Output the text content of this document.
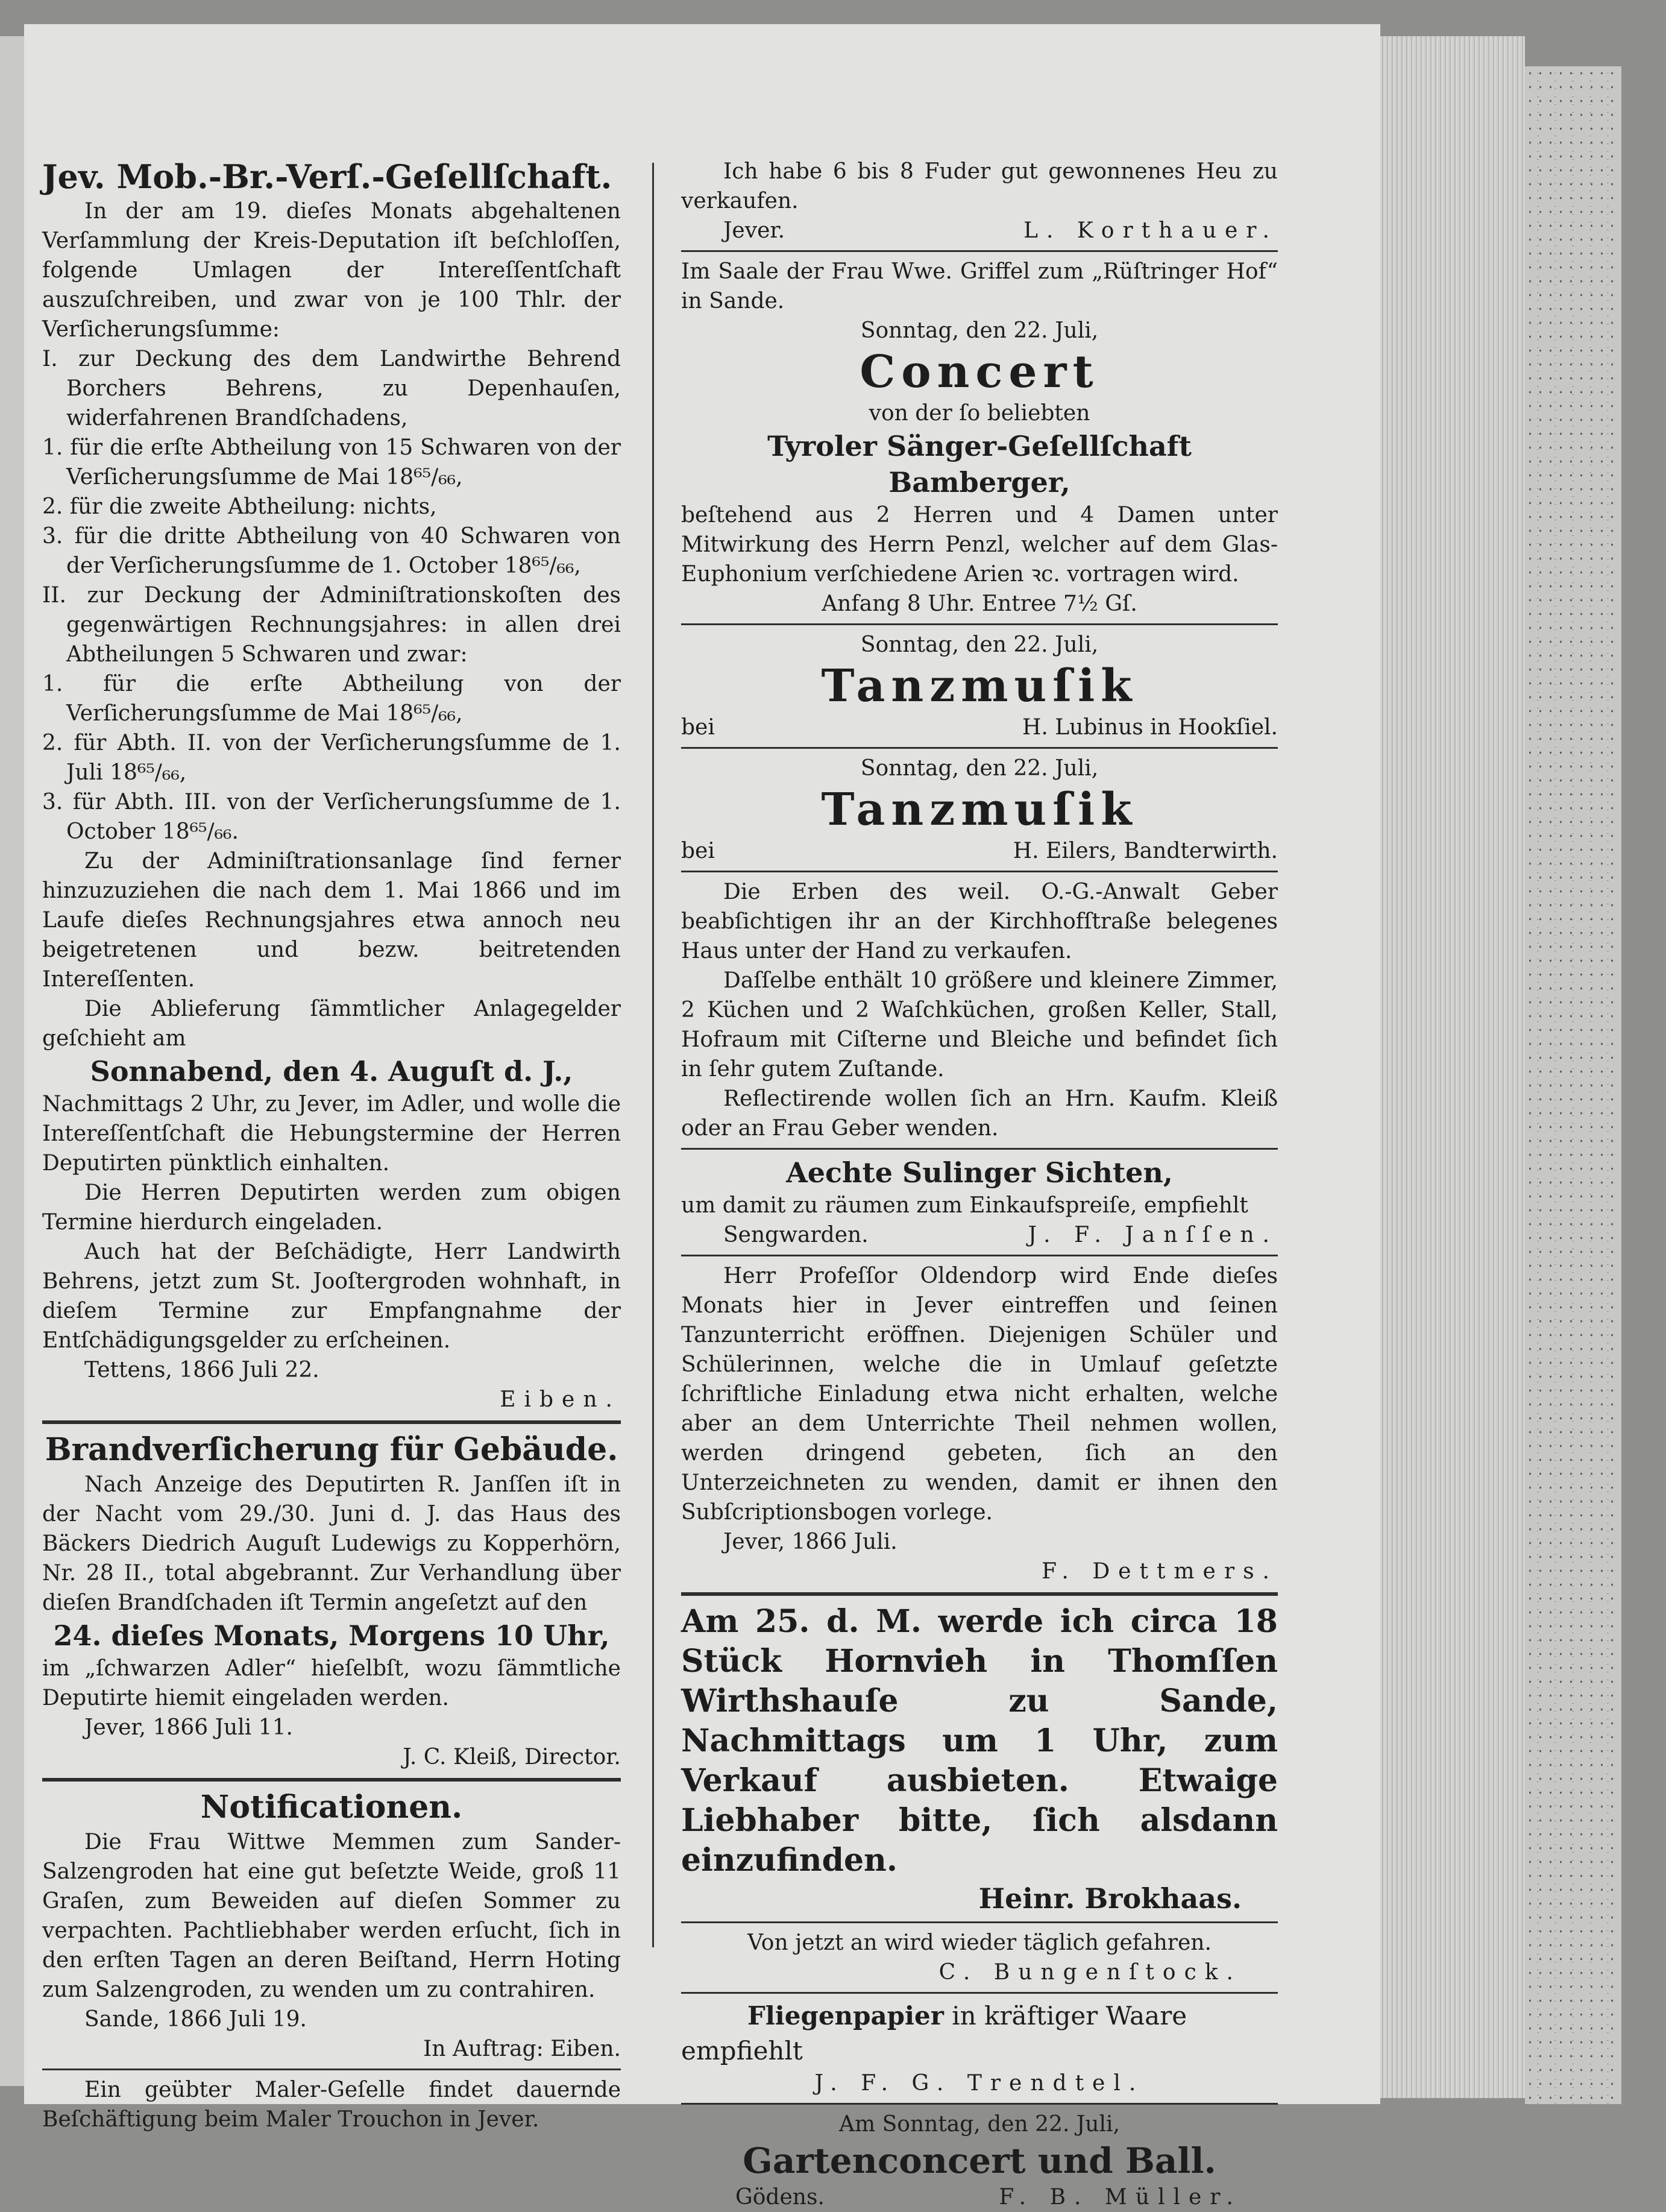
Jev. Mob.-Br.-Verſ.-Geſellſchaft.

In der am 19. dieſes Monats abgehaltenen Verſammlung der Kreis-Deputation iſt beſchloſſen, folgende Umlagen der Intereſſentſchaft auszuſchreiben, und zwar von je 100 Thlr. der Verſicherungsſumme:

I. zur Deckung des dem Landwirthe Behrend Borchers Behrens, zu Depenhauſen, widerfahrenen Brandſchadens,

1. für die erſte Abtheilung von 15 Schwaren von der Verſicherungsſumme de Mai 18⁶⁵/₆₆,

2. für die zweite Abtheilung: nichts,

3. für die dritte Abtheilung von 40 Schwaren von der Verſicherungsſumme de 1. October 18⁶⁵/₆₆,

II. zur Deckung der Adminiſtrationskoſten des gegenwärtigen Rechnungsjahres: in allen drei Abtheilungen 5 Schwaren und zwar:

1. für die erſte Abtheilung von der Verſicherungsſumme de Mai 18⁶⁵/₆₆,

2. für Abth. II. von der Verſicherungsſumme de 1. Juli 18⁶⁵/₆₆,

3. für Abth. III. von der Verſicherungsſumme de 1. October 18⁶⁵/₆₆.

Zu der Adminiſtrationsanlage ſind ferner hinzuzuziehen die nach dem 1. Mai 1866 und im Laufe dieſes Rechnungsjahres etwa annoch neu beigetretenen und bezw. beitretenden Intereſſenten.

Die Ablieferung ſämmtlicher Anlagegelder geſchieht am

Sonnabend, den 4. Auguſt d. J.,

Nachmittags 2 Uhr, zu Jever, im Adler, und wolle die Intereſſentſchaft die Hebungstermine der Herren Deputirten pünktlich einhalten.

Die Herren Deputirten werden zum obigen Termine hierdurch eingeladen.

Auch hat der Beſchädigte, Herr Landwirth Behrens, jetzt zum St. Jooſtergroden wohnhaft, in dieſem Termine zur Empfangnahme der Entſchädigungsgelder zu erſcheinen.

Tettens, 1866 Juli 22.

Eiben.

Brandverſicherung für Gebäude.

Nach Anzeige des Deputirten R. Janſſen iſt in der Nacht vom 29./30. Juni d. J. das Haus des Bäckers Diedrich Auguſt Ludewigs zu Kopperhörn, Nr. 28 II., total abgebrannt. Zur Verhandlung über dieſen Brandſchaden iſt Termin angeſetzt auf den

24. dieſes Monats, Morgens 10 Uhr,

im „ſchwarzen Adler“ hieſelbſt, wozu ſämmtliche Deputirte hiemit eingeladen werden.

Jever, 1866 Juli 11.

J. C. Kleiß, Director.

Notificationen.

Die Frau Wittwe Memmen zum Sander-Salzengroden hat eine gut beſetzte Weide, groß 11 Graſen, zum Beweiden auf dieſen Sommer zu verpachten. Pachtliebhaber werden erſucht, ſich in den erſten Tagen an deren Beiſtand, Herrn Hoting zum Salzengroden, zu wenden um zu contrahiren.

Sande, 1866 Juli 19.

In Auftrag: Eiben.

Ein geübter Maler-Geſelle findet dauernde Beſchäftigung beim Maler Trouchon in Jever.

Ich habe 6 bis 8 Fuder gut gewonnenes Heu zu verkaufen.

Jever.	L. Korthauer.

Im Saale der Frau Wwe. Griffel zum „Rüſtringer Hof“ in Sande.

Sonntag, den 22. Juli,

Concert

von der ſo beliebten

Tyroler Sänger-Geſellſchaft Bamberger,

beſtehend aus 2 Herren und 4 Damen unter Mitwirkung des Herrn Penzl, welcher auf dem Glas-Euphonium verſchiedene Arien ꝛc. vortragen wird.

Anfang 8 Uhr. Entree 7½ Gſ.

Sonntag, den 22. Juli,

Tanzmuſik

bei	H. Lubinus in Hookſiel.

Sonntag, den 22. Juli,

Tanzmuſik

bei	H. Eilers, Bandterwirth.

Die Erben des weil. O.-G.-Anwalt Geber beabſichtigen ihr an der Kirchhofſtraße belegenes Haus unter der Hand zu verkaufen.

Daſſelbe enthält 10 größere und kleinere Zimmer, 2 Küchen und 2 Waſchküchen, großen Keller, Stall, Hofraum mit Ciſterne und Bleiche und befindet ſich in ſehr gutem Zuſtande.

Reflectirende wollen ſich an Hrn. Kaufm. Kleiß oder an Frau Geber wenden.

Aechte Sulinger Sichten,

um damit zu räumen zum Einkaufspreiſe, empfiehlt

Sengwarden.	J. F. Janſſen.

Herr Profeſſor Oldendorp wird Ende dieſes Monats hier in Jever eintreffen und ſeinen Tanzunterricht eröffnen. Diejenigen Schüler und Schülerinnen, welche die in Umlauf geſetzte ſchriftliche Einladung etwa nicht erhalten, welche aber an dem Unterrichte Theil nehmen wollen, werden dringend gebeten, ſich an den Unterzeichneten zu wenden, damit er ihnen den Subſcriptionsbogen vorlege.

Jever, 1866 Juli.

F. Dettmers.

Am 25. d. M. werde ich circa 18 Stück Hornvieh in Thomſſen Wirthshauſe zu Sande, Nachmittags um 1 Uhr, zum Verkauf ausbieten. Etwaige Liebhaber bitte, ſich alsdann einzufinden.

Heinr. Brokhaas.

Von jetzt an wird wieder täglich gefahren.

C. Bungenſtock.

Fliegenpapier in kräftiger Waare

empfiehlt

J. F. G. Trendtel.

Am Sonntag, den 22. Juli,

Gartenconcert und Ball.

Gödens.	F. B. Müller.
